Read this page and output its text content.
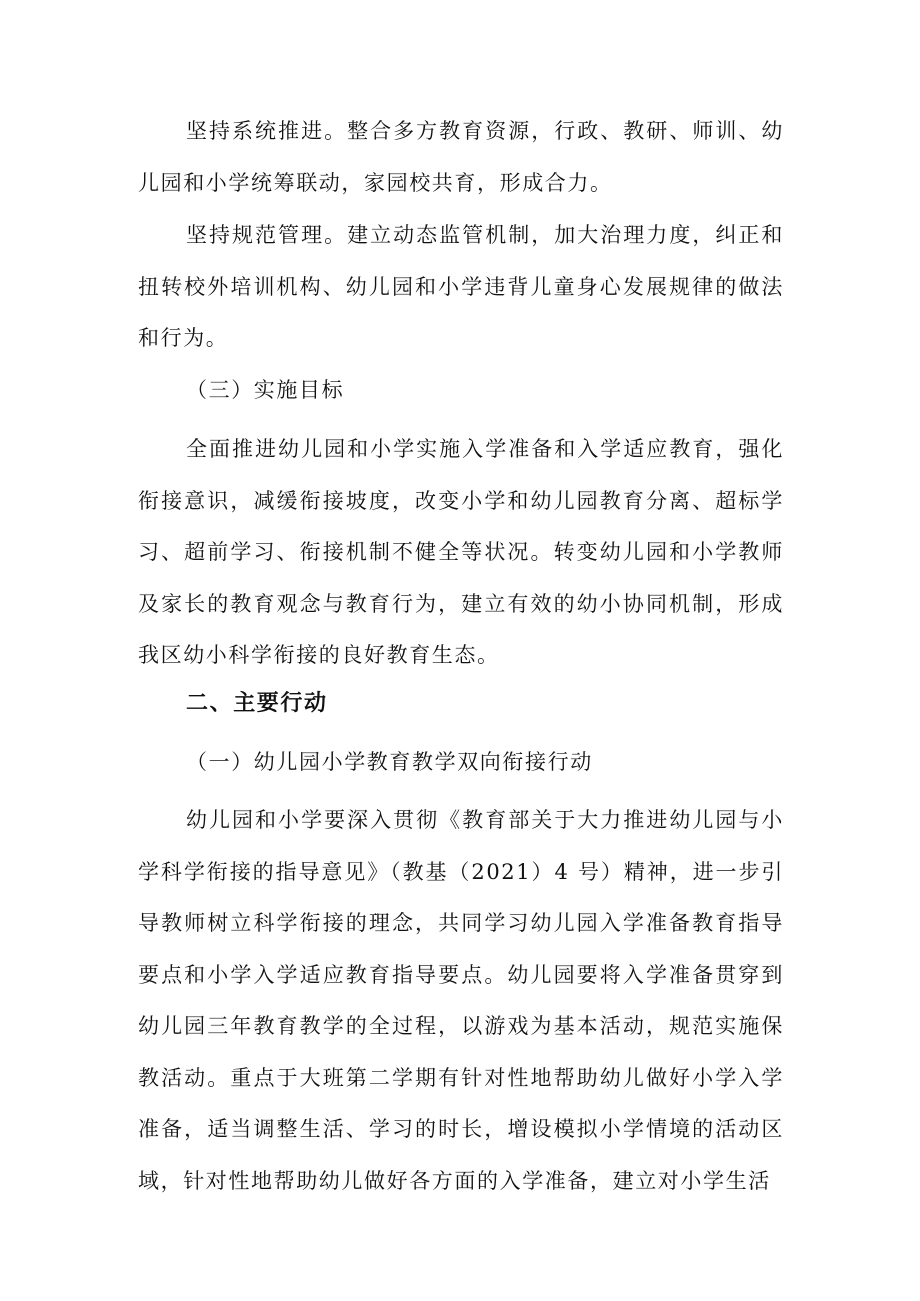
坚持系统推进。整合多方教育资源，行政、教研、师训、幼儿园和小学统筹联动，家园校共育，形成合力。

坚持规范管理。建立动态监管机制，加大治理力度，纠正和扭转校外培训机构、幼儿园和小学违背儿童身心发展规律的做法和行为。

（三）实施目标

全面推进幼儿园和小学实施入学准备和入学适应教育，强化衔接意识，减缓衔接坡度，改变小学和幼儿园教育分离、超标学习、超前学习、衔接机制不健全等状况。转变幼儿园和小学教师及家长的教育观念与教育行为，建立有效的幼小协同机制，形成我区幼小科学衔接的良好教育生态。

二、主要行动
（一）幼儿园小学教育教学双向衔接行动

幼儿园和小学要深入贯彻《教育部关于大力推进幼儿园与小学科学衔接的指导意见》（教基（2021）4 号）精神，进一步引导教师树立科学衔接的理念，共同学习幼儿园入学准备教育指导要点和小学入学适应教育指导要点。幼儿园要将入学准备贯穿到幼儿园三年教育教学的全过程，以游戏为基本活动，规范实施保教活动。重点于大班第二学期有针对性地帮助幼儿做好小学入学准备，适当调整生活、学习的时长，增设模拟小学情境的活动区域，针对性地帮助幼儿做好各方面的入学准备，建立对小学生活
